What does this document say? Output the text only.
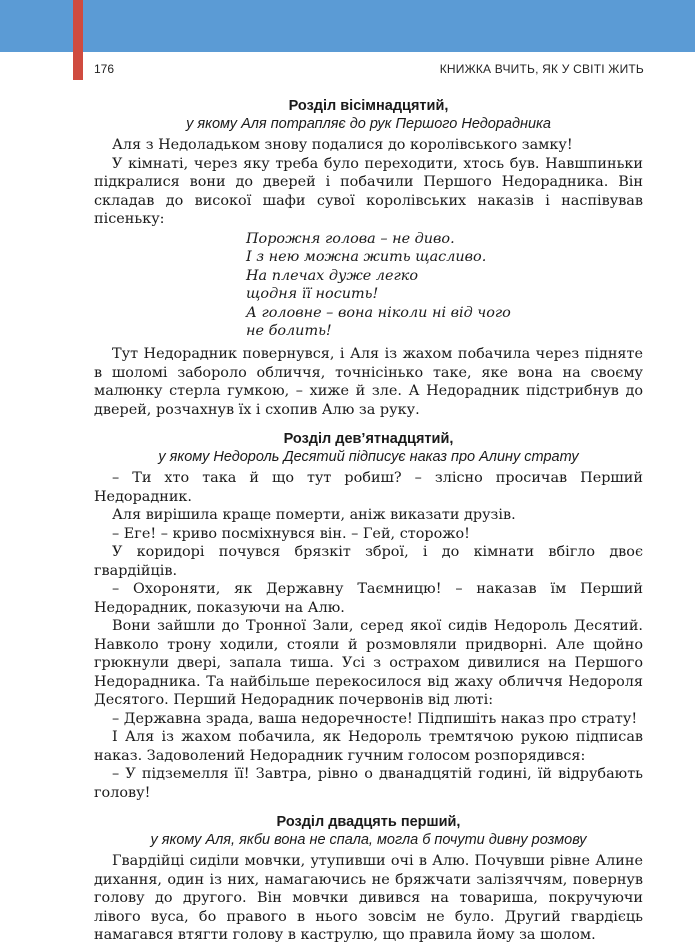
176	КНИЖКА ВЧИТЬ, ЯК У СВІТІ ЖИТЬ

Розділ вісімнадцятий,

у якому Аля потрапляє до рук Першого Недорадника

Аля з Недоладьком знову подалися до королівського замку!

У кімнаті, через яку треба було переходити, хтось був. Навшпиньки підкралися вони до дверей і побачили Першого Недорадника. Він складав до високої шафи сувої королівських наказів і наспівував пісеньку:

Порожня голова – не диво.
І з нею можна жить щасливо.
На плечах дуже легко
щодня її носить!
А головне – вона ніколи ні від чого
не болить!

Тут Недорадник повернувся, і Аля із жахом побачила через підняте в шоломі забороло обличчя, точнісінько таке, яке вона на своєму малюнку стерла гумкою, – хиже й зле. А Недорадник підстрибнув до дверей, розчахнув їх і схопив Алю за руку.

Розділ дев’ятнадцятий,

у якому Недороль Десятий підписує наказ про Алину страту

– Ти хто така й що тут робиш? – злісно просичав Перший Недорадник.

Аля вирішила краще померти, аніж виказати друзів.

– Еге! – криво посміхнувся він. – Гей, сторожо!

У коридорі почувся брязкіт зброї, і до кімнати вбігло двоє гвардійців.

– Охороняти, як Державну Таємницю! – наказав їм Перший Недорадник, показуючи на Алю.

Вони зайшли до Тронної Зали, серед якої сидів Недороль Десятий. Навколо трону ходили, стояли й розмовляли придворні. Але щойно грюкнули двері, запала тиша. Усі з острахом дивилися на Першого Недорадника. Та найбільше перекосилося від жаху обличчя Недороля Десятого. Перший Недорадник почервонів від люті:

– Державна зрада, ваша недоречносте! Підпишіть наказ про страту!

І Аля із жахом побачила, як Недороль тремтячою рукою підписав наказ. Задоволений Недорадник гучним голосом розпорядився:

– У підземелля її! Завтра, рівно о дванадцятій годині, їй відрубають голову!

Розділ двадцять перший,

у якому Аля, якби вона не спала, могла б почути дивну розмову

Гвардійці сиділи мовчки, утупивши очі в Алю. Почувши рівне Алине дихання, один із них, намагаючись не бряжчати залізяччям, повернув голову до другого. Він мовчки дивився на товариша, покручуючи лівого вуса, бо правого в нього зовсім не було. Другий гвардієць намагався втягти голову в каструлю, що правила йому за шолом.
